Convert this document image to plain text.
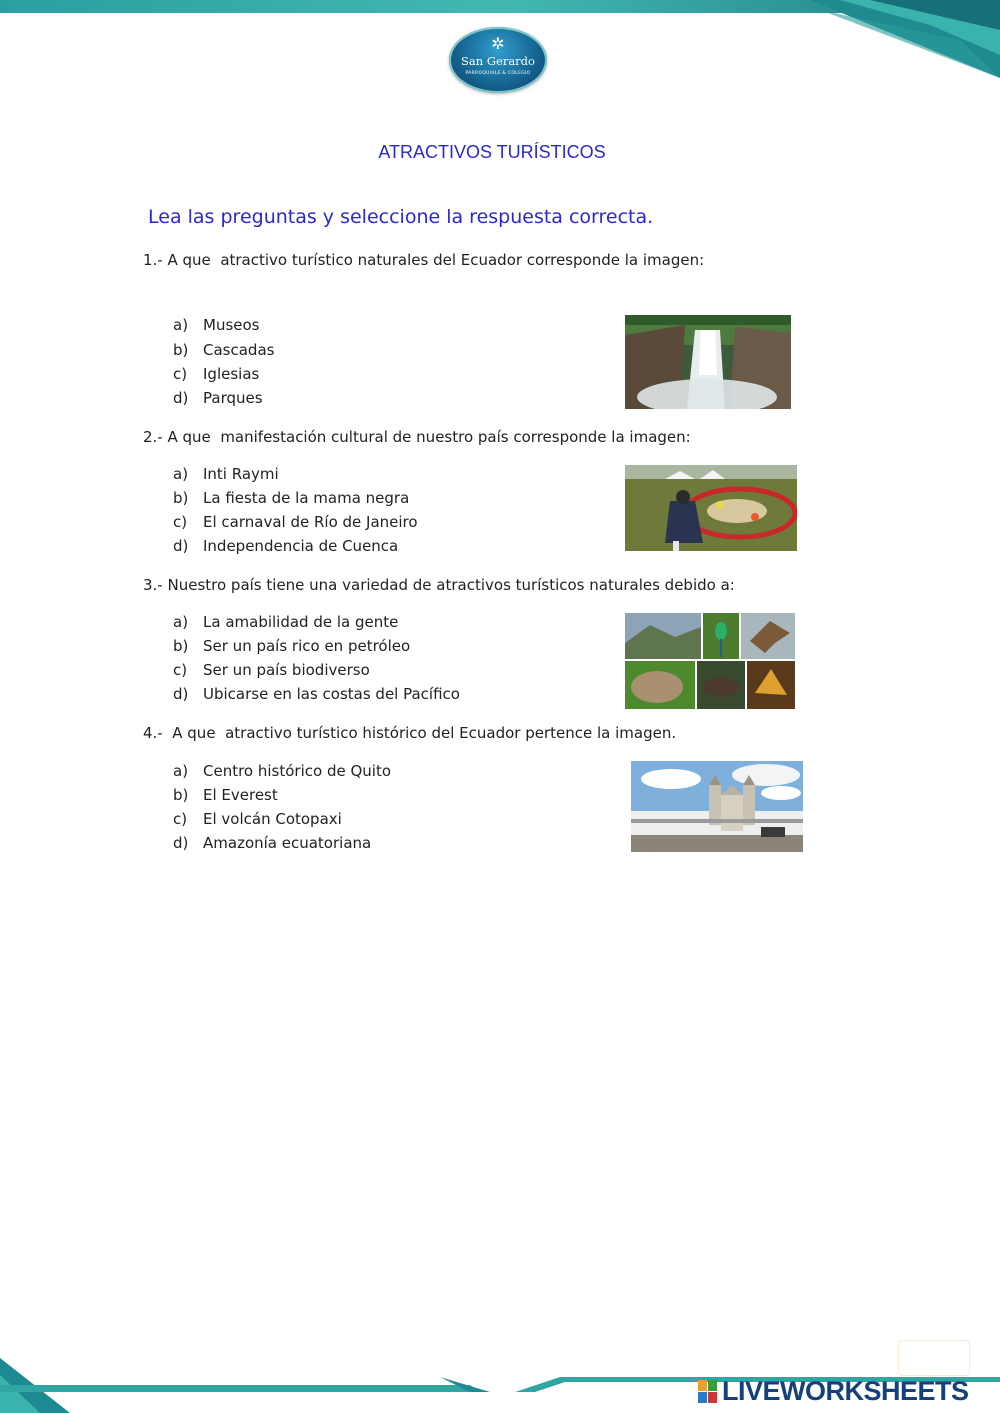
✲
San Gerardo
PARROQUIALE & COLEGIO
ATRACTIVOS TURÍSTICOS
Lea las preguntas y seleccione la respuesta correcta.
1.- A que  atractivo turístico naturales del Ecuador corresponde la imagen:
a) Museos
b) Cascadas
c) Iglesias
d) Parques
2.- A que  manifestación cultural de nuestro país corresponde la imagen:
a) Inti Raymi
b) La fiesta de la mama negra
c) El carnaval de Río de Janeiro
d) Independencia de Cuenca
3.- Nuestro país tiene una variedad de atractivos turísticos naturales debido a:
a) La amabilidad de la gente
b) Ser un país rico en petróleo
c) Ser un país biodiverso
d) Ubicarse en las costas del Pacífico
4.-  A que  atractivo turístico histórico del Ecuador pertence la imagen.
a) Centro histórico de Quito
b) El Everest
c) El volcán Cotopaxi
d) Amazonía ecuatoriana
LIVEWORKSHEETS
